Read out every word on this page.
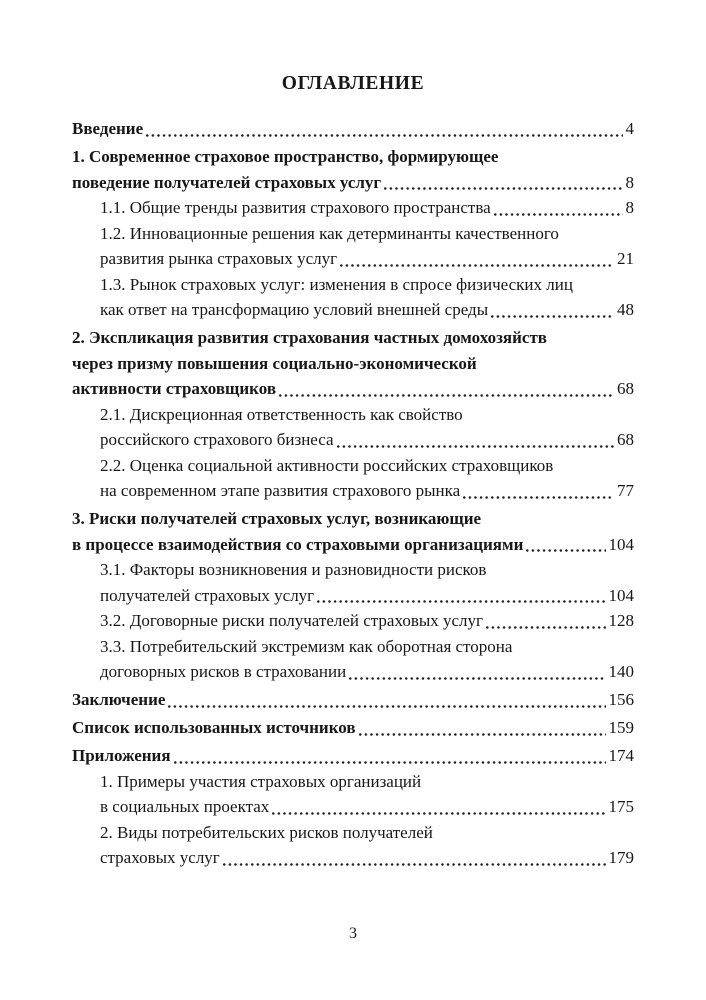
ОГЛАВЛЕНИЕ
Введение	4
1. Современное страховое пространство, формирующее
поведение получателей страховых услуг	8
1.1. Общие тренды развития страхового пространства	8
1.2. Инновационные решения как детерминанты качественного
развития рынка страховых услуг	21
1.3. Рынок страховых услуг: изменения в спросе физических лиц
как ответ на трансформацию условий внешней среды	48
2. Экспликация развития страхования частных домохозяйств
через призму повышения социально-экономической
активности страховщиков	68
2.1. Дискреционная ответственность как свойство
российского страхового бизнеса	68
2.2. Оценка социальной активности российских страховщиков
на современном этапе развития страхового рынка	77
3. Риски получателей страховых услуг, возникающие
в процессе взаимодействия со страховыми организациями	104
3.1. Факторы возникновения и разновидности рисков
получателей страховых услуг	104
3.2. Договорные риски получателей страховых услуг	128
3.3. Потребительский экстремизм как оборотная сторона
договорных рисков в страховании	140
Заключение	156
Список использованных источников	159
Приложения	174
1. Примеры участия страховых организаций
в социальных проектах	175
2. Виды потребительских рисков получателей
страховых услуг	179
3
